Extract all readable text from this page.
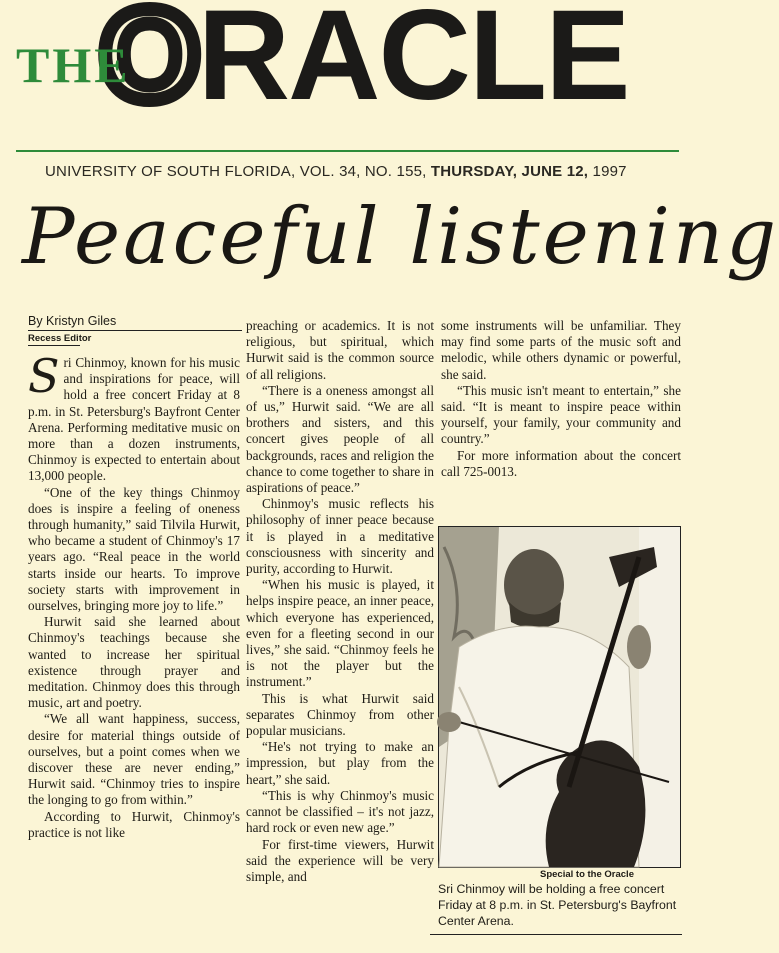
ORACLE
THE
UNIVERSITY OF SOUTH FLORIDA, VOL. 34, NO. 155, THURSDAY, JUNE 12, 1997
Peaceful listening
By Kristyn Giles
Recess Editor

Sri Chinmoy, known for his music and inspirations for peace, will hold a free concert Friday at 8 p.m. in St. Petersburg's Bayfront Center Arena. Performing meditative music on more than a dozen instruments, Chinmoy is expected to entertain about 13,000 people.

“One of the key things Chinmoy does is inspire a feeling of oneness through humanity,” said Tilvila Hurwit, who became a student of Chinmoy's 17 years ago. “Real peace in the world starts inside our hearts. To improve society starts with improvement in ourselves, bringing more joy to life.”

Hurwit said she learned about Chinmoy's teachings because she wanted to increase her spiritual existence through prayer and meditation. Chinmoy does this through music, art and poetry.

“We all want happiness, success, desire for material things outside of ourselves, but a point comes when we discover these are never ending,” Hurwit said. “Chinmoy tries to inspire the longing to go from within.”

According to Hurwit, Chinmoy's practice is not like

preaching or academics. It is not religious, but spiritual, which Hurwit said is the common source of all religions.

“There is a oneness amongst all of us,” Hurwit said. “We are all brothers and sisters, and this concert gives people of all backgrounds, races and religion the chance to come together to share in aspirations of peace.”

Chinmoy's music reflects his philosophy of inner peace because it is played in a meditative consciousness with sincerity and purity, according to Hurwit.

“When his music is played, it helps inspire peace, an inner peace, which everyone has experienced, even for a fleeting second in our lives,” she said. “Chinmoy feels he is not the player but the instrument.”

This is what Hurwit said separates Chinmoy from other popular musicians.

“He's not trying to make an impression, but play from the heart,” she said.

“This is why Chinmoy's music cannot be classified – it's not jazz, hard rock or even new age.”

For first-time viewers, Hurwit said the experience will be very simple, and

some instruments will be unfamiliar. They may find some parts of the music soft and melodic, while others dynamic or powerful, she said.

“This music isn't meant to entertain,” she said. “It is meant to inspire peace within yourself, your family, your community and country.”

For more information about the concert call 725-0013.

Special to the Oracle
Sri Chinmoy will be holding a free concert Friday at 8 p.m. in St. Petersburg's Bayfront Center Arena.
